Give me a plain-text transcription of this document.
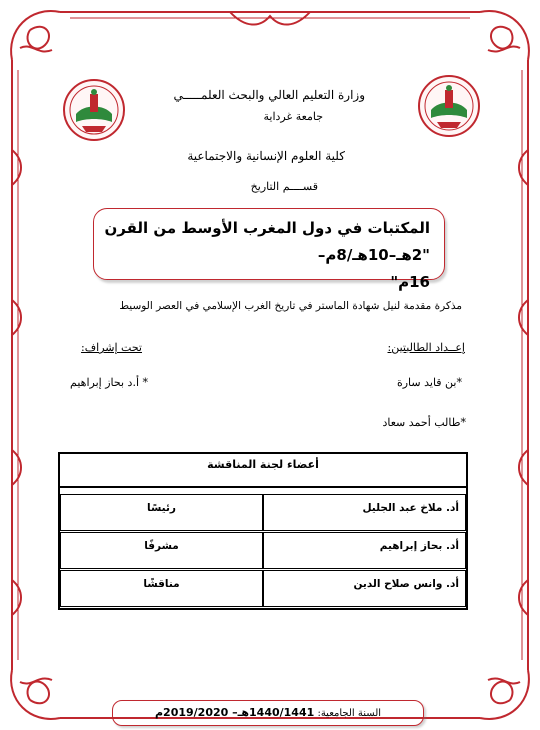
وزارة التعليم العالي والبحث العلمـــــي
جامعة غرداية
كلية العلوم الإنسانية والاجتماعية
قســــم التاريخ
المكتبات في دول المغرب الأوسط من القرن "2هـ–10هـ/8م–
16م"
مذكرة مقدمة لنيل شهادة الماستر في تاريخ الغرب الإسلامي في العصر الوسيط
إعــداد الطالبتين:
تحت إشراف:
*بن قايد سارة
* أ.د بحاز إبراهيم
*طالب أحمد سعاد
أعضاء لجنة المناقشة
أد. ملاخ عبد الجليل
رئيسًا
أد. بحاز إبراهيم
مشرفًا
أد. وانس صلاح الدين
مناقشًا
السنة الجامعية: 1440/1441هـ– 2019/2020م
